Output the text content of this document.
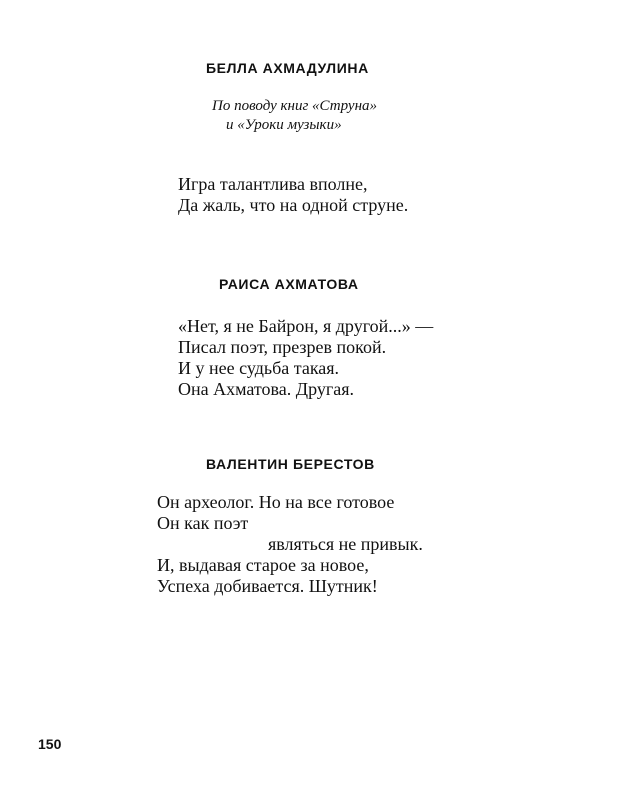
БЕЛЛА АХМАДУЛИНА
По поводу книг «Струна»
и «Уроки музыки»
Игра талантлива вполне,
Да жаль, что на одной струне.
РАИСА АХМАТОВА
«Нет, я не Байрон, я другой...» —
Писал поэт, презрев покой.
И у нее судьба такая.
Она Ахматова. Другая.
ВАЛЕНТИН БЕРЕСТОВ
Он археолог. Но на все готовое
Он как поэт
являться не привык.
И, выдавая старое за новое,
Успеха добивается. Шутник!
150
